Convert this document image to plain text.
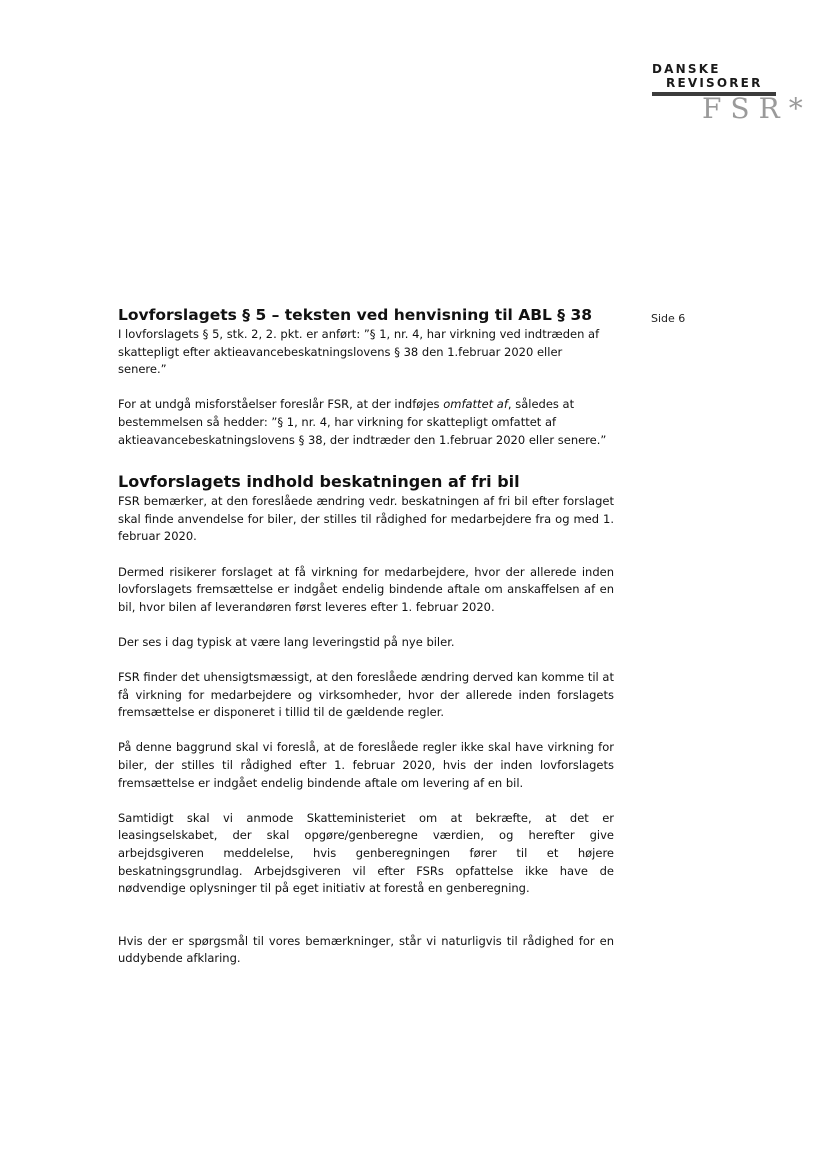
DANSKE
REVISORER
FSR*
Side 6
Lovforslagets § 5 – teksten ved henvisning til ABL § 38

I lovforslagets § 5, stk. 2, 2. pkt. er anført: ”§ 1, nr. 4, har virkning ved indtræden af skattepligt efter aktieavancebeskatningslovens § 38 den 1.februar 2020 eller senere.”

For at undgå misforståelser foreslår FSR, at der indføjes omfattet af, således at bestemmelsen så hedder: ”§ 1, nr. 4, har virkning for skattepligt omfattet af aktieavancebeskatningslovens § 38, der indtræder den 1.februar 2020 eller senere.”

Lovforslagets indhold beskatningen af fri bil

FSR bemærker, at den foreslåede ændring vedr. beskatningen af fri bil efter forslaget skal finde anvendelse for biler, der stilles til rådighed for medarbejdere fra og med 1. februar 2020.

Dermed risikerer forslaget at få virkning for medarbejdere, hvor der allerede inden lovforslagets fremsættelse er indgået endelig bindende aftale om anskaffelsen af en bil, hvor bilen af leverandøren først leveres efter 1. februar 2020.

Der ses i dag typisk at være lang leveringstid på nye biler.

FSR finder det uhensigtsmæssigt, at den foreslåede ændring derved kan komme til at få virkning for medarbejdere og virksomheder, hvor der allerede inden forslagets fremsættelse er disponeret i tillid til de gældende regler.

På denne baggrund skal vi foreslå, at de foreslåede regler ikke skal have virkning for biler, der stilles til rådighed efter 1. februar 2020, hvis der inden lovforslagets fremsættelse er indgået endelig bindende aftale om levering af en bil.

Samtidigt skal vi anmode Skatteministeriet om at bekræfte, at det er leasingselskabet, der skal opgøre/genberegne værdien, og herefter give arbejdsgiveren meddelelse, hvis genberegningen fører til et højere beskatningsgrundlag. Arbejdsgiveren vil efter FSRs opfattelse ikke have de nødvendige oplysninger til på eget initiativ at forestå en genberegning.

Hvis der er spørgsmål til vores bemærkninger, står vi naturligvis til rådighed for en uddybende afklaring.
